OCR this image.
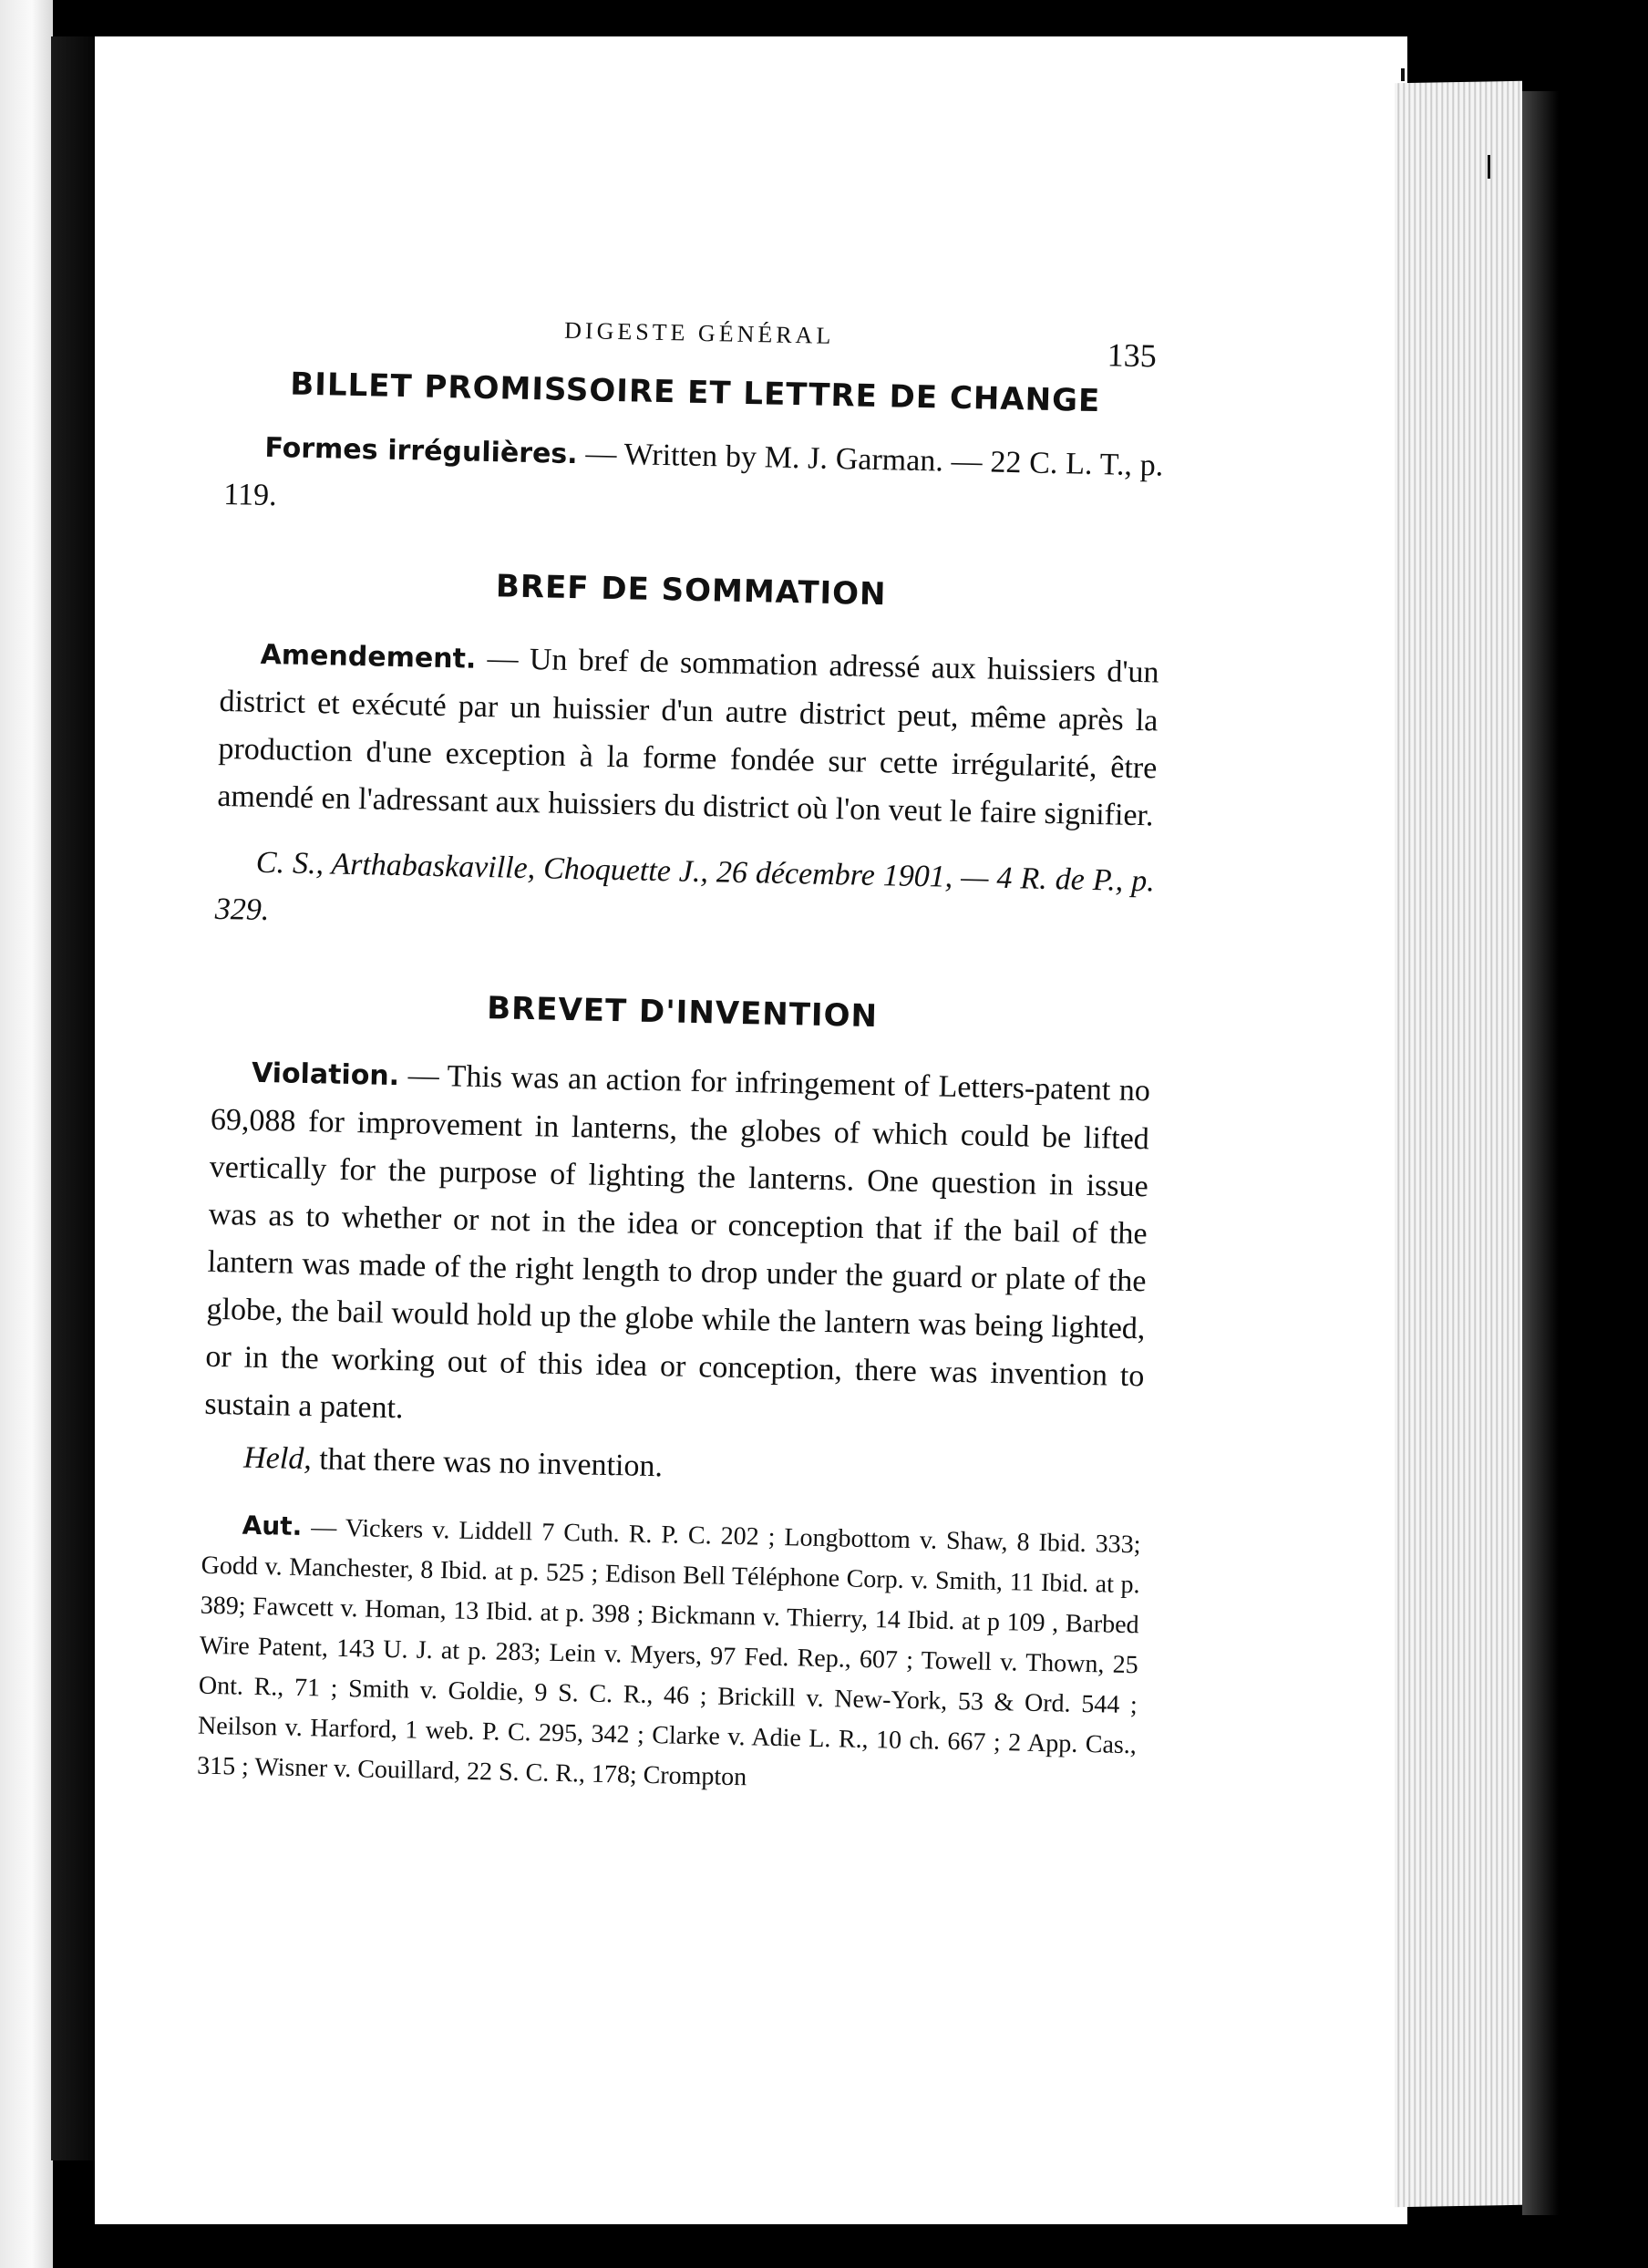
DIGESTE GÉNÉRAL
135
BILLET PROMISSOIRE ET LETTRE DE CHANGE

Formes irrégulières. — Written by M. J. Garman. — 22 C. L. T., p. 119.

BREF DE SOMMATION

Amendement. — Un bref de sommation adressé aux huissiers d'un district et exécuté par un huissier d'un autre district peut, même après la production d'une exception à la forme fondée sur cette irrégularité, être amendé en l'adressant aux huissiers du district où l'on veut le faire signifier.

C. S., Arthabaskaville, Choquette J., 26 décembre 1901, — 4 R. de P., p. 329.

BREVET D'INVENTION

Violation. — This was an action for infringement of Letters-patent no 69,088 for improvement in lanterns, the globes of which could be lifted vertically for the purpose of lighting the lanterns. One question in issue was as to whether or not in the idea or conception that if the bail of the lantern was made of the right length to drop under the guard or plate of the globe, the bail would hold up the globe while the lantern was being lighted, or in the working out of this idea or conception, there was invention to sustain a patent.

Held, that there was no invention.

Aut. — Vickers v. Liddell 7 Cuth. R. P. C. 202 ; Longbottom v. Shaw, 8 Ibid. 333; Godd v. Manchester, 8 Ibid. at p. 525 ; Edison Bell Téléphone Corp. v. Smith, 11 Ibid. at p. 389; Fawcett v. Homan, 13 Ibid. at p. 398 ; Bickmann v. Thierry, 14 Ibid. at p 109 , Barbed Wire Patent, 143 U. J. at p. 283; Lein v. Myers, 97 Fed. Rep., 607 ; Towell v. Thown, 25 Ont. R., 71 ; Smith v. Goldie, 9 S. C. R., 46 ; Brickill v. New-York, 53 & Ord. 544 ; Neilson v. Harford, 1 web. P. C. 295, 342 ; Clarke v. Adie L. R., 10 ch. 667 ; 2 App. Cas., 315 ; Wisner v. Couillard, 22 S. C. R., 178; Crompton
